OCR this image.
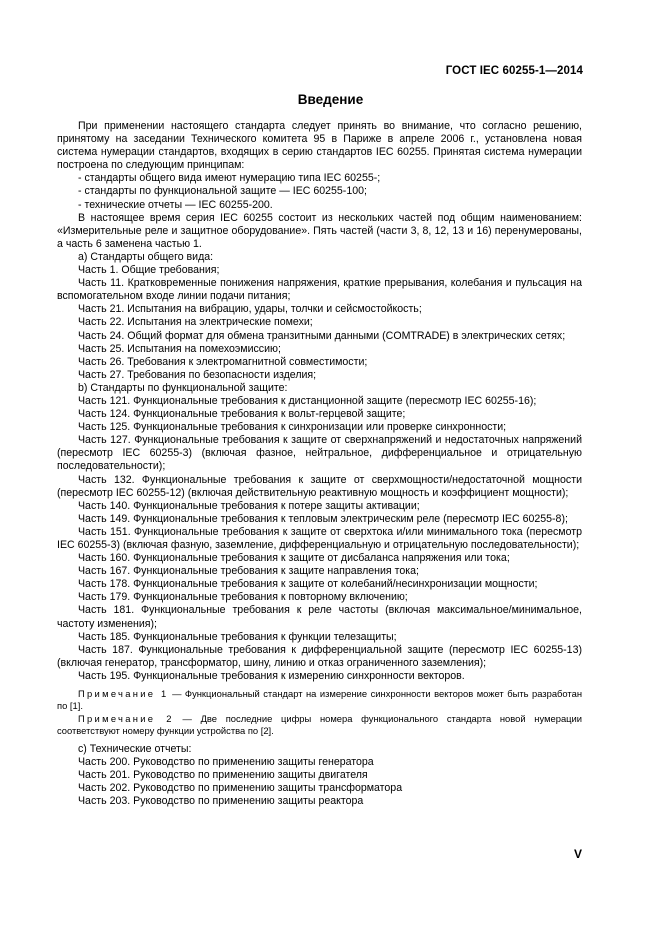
ГОСТ IEC 60255-1—2014
Введение

При применении настоящего стандарта следует принять во внимание, что согласно решению, принятому на заседании Технического комитета 95 в Париже в апреле 2006 г., установлена новая система нумерации стандартов, входящих в серию стандартов IEC 60255. Принятая система нумерации построена по следующим принципам:

- стандарты общего вида имеют нумерацию типа IEC 60255-;

- стандарты по функциональной защите — IEC 60255-100;

- технические отчеты — IEC 60255-200.

В настоящее время серия IEC 60255 состоит из нескольких частей под общим наименованием: «Измерительные реле и защитное оборудование». Пять частей (части 3, 8, 12, 13 и 16) перенумерованы, а часть 6 заменена частью 1.

а) Стандарты общего вида:

Часть 1. Общие требования;

Часть 11. Кратковременные понижения напряжения, краткие прерывания, колебания и пульсация на вспомогательном входе линии подачи питания;

Часть 21. Испытания на вибрацию, удары, толчки и сейсмостойкость;

Часть 22. Испытания на электрические помехи;

Часть 24. Общий формат для обмена транзитными данными (COMTRADE) в электрических сетях;

Часть 25. Испытания на помехоэмиссию;

Часть 26. Требования к электромагнитной совместимости;

Часть 27. Требования по безопасности изделия;

b) Стандарты по функциональной защите:

Часть 121. Функциональные требования к дистанционной защите (пересмотр IEC 60255-16);

Часть 124. Функциональные требования к вольт-герцевой защите;

Часть 125. Функциональные требования к синхронизации или проверке синхронности;

Часть 127. Функциональные требования к защите от сверхнапряжений и недостаточных напряжений (пересмотр IEC 60255-3) (включая фазное, нейтральное, дифференциальное и отрицательную последовательности);

Часть 132. Функциональные требования к защите от сверхмощности/недостаточной мощности (пересмотр IEC 60255-12) (включая действительную реактивную мощность и коэффициент мощности);

Часть 140. Функциональные требования к потере защиты активации;

Часть 149. Функциональные требования к тепловым электрическим реле (пересмотр IEC 60255-8);

Часть 151. Функциональные требования к защите от сверхтока и/или минимального тока (пересмотр IEC 60255-3) (включая фазную, заземление, дифференциальную и отрицательную последовательности);

Часть 160. Функциональные требования к защите от дисбаланса напряжения или тока;

Часть 167. Функциональные требования к защите направления тока;

Часть 178. Функциональные требования к защите от колебаний/несинхронизации мощности;

Часть 179. Функциональные требования к повторному включению;

Часть 181. Функциональные требования к реле частоты (включая максимальное/минимальное, частоту изменения);

Часть 185. Функциональные требования к функции телезащиты;

Часть 187. Функциональные требования к дифференциальной защите (пересмотр IEC 60255-13) (включая генератор, трансформатор, шину, линию и отказ ограниченного заземления);

Часть 195. Функциональные требования к измерению синхронности векторов.

Примечание 1 — Функциональный стандарт на измерение синхронности векторов может быть разработан по [1].

Примечание 2 — Две последние цифры номера функционального стандарта новой нумерации соответствуют номеру функции устройства по [2].

с) Технические отчеты:

Часть 200. Руководство по применению защиты генератора

Часть 201. Руководство по применению защиты двигателя

Часть 202. Руководство по применению защиты трансформатора

Часть 203. Руководство по применению защиты реактора

V
